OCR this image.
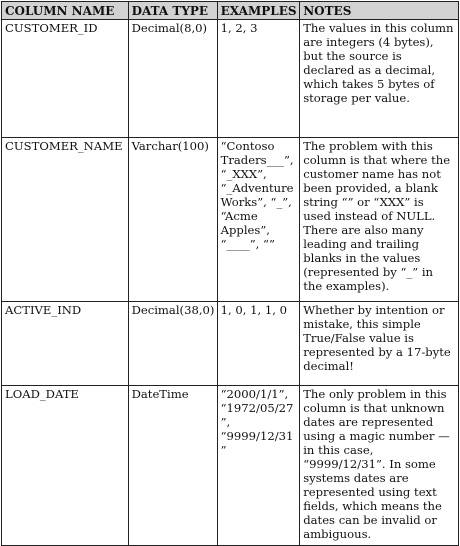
COLUMN NAME	DATA TYPE	EXAMPLES	NOTES
CUSTOMER_ID	Decimal(8,0)	1, 2, 3	The values in this column are integers (4 bytes), but the source is declared as a decimal, which takes 5 bytes of storage per value.
CUSTOMER_NAME	Varchar(100)	“Contoso Traders___”, “_XXX”, “_Adventure Works”, “_”, “Acme Apples”, “____”, “”	The problem with this column is that where the customer name has not been provided, a blank string “” or “XXX” is used instead of NULL. There are also many leading and trailing blanks in the values (represented by “_” in the examples).
ACTIVE_IND	Decimal(38,0)	1, 0, 1, 1, 0	Whether by intention or mistake, this simple True/False value is represented by a 17-byte decimal!
LOAD_DATE	DateTime	“2000/1/1”, “1972/05/27”, “9999/12/31”	The only problem in this column is that unknown dates are represented using a magic number — in this case, “9999/12/31”. In some systems dates are represented using text fields, which means the dates can be invalid or ambiguous.
